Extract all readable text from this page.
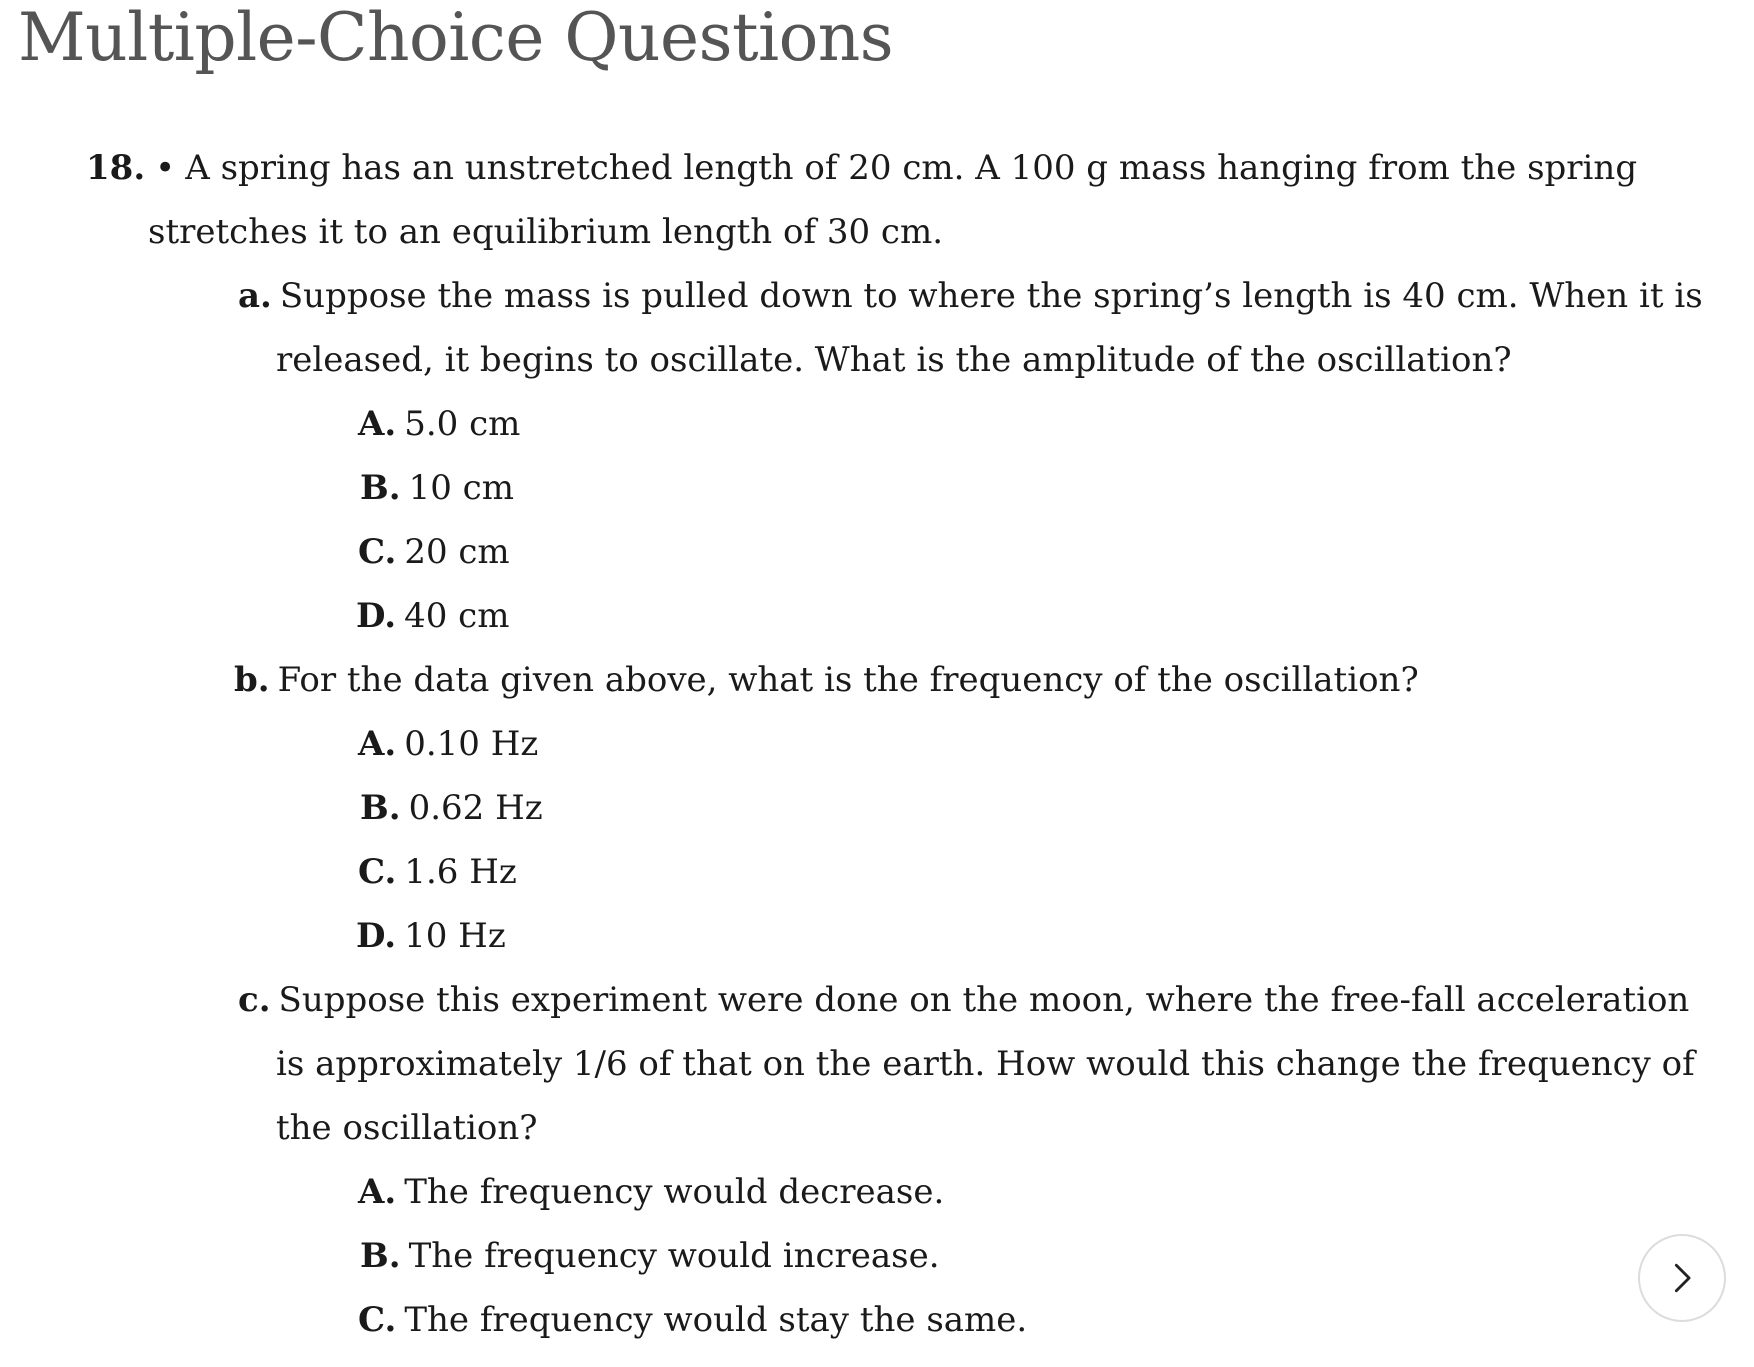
Multiple-Choice Questions
18. • A spring has an unstretched length of 20 cm. A 100 g mass hanging from the spring
stretches it to an equilibrium length of 30 cm.
a. Suppose the mass is pulled down to where the spring’s length is 40 cm. When it is
released, it begins to oscillate. What is the amplitude of the oscillation?
A. 5.0 cm
B. 10 cm
C. 20 cm
D. 40 cm
b. For the data given above, what is the frequency of the oscillation?
A. 0.10 Hz
B. 0.62 Hz
C. 1.6 Hz
D. 10 Hz
c. Suppose this experiment were done on the moon, where the free-fall acceleration
is approximately 1/6 of that on the earth. How would this change the frequency of
the oscillation?
A. The frequency would decrease.
B. The frequency would increase.
C. The frequency would stay the same.
